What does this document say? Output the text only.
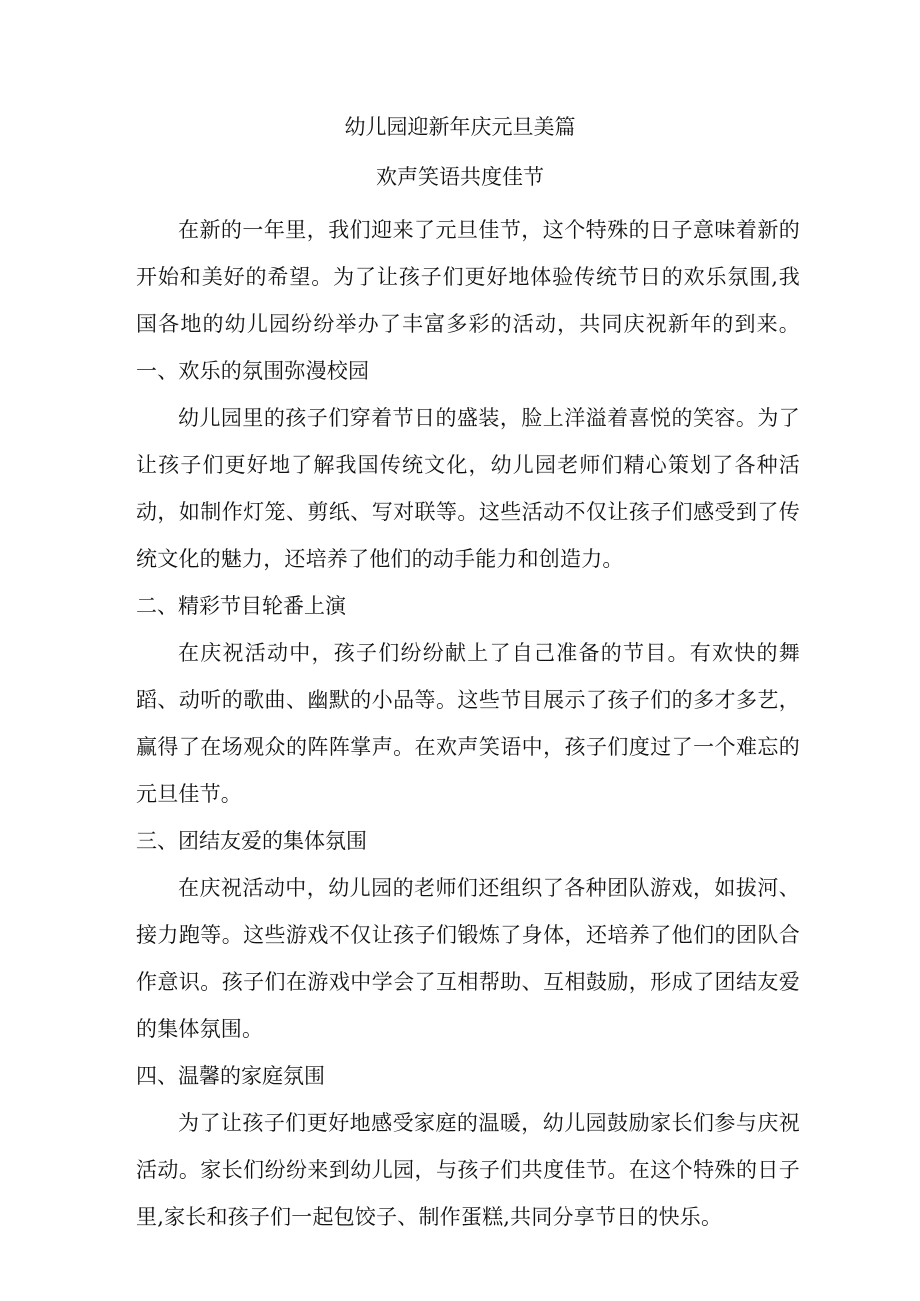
幼儿园迎新年庆元旦美篇
欢声笑语共度佳节

在新的一年里，我们迎来了元旦佳节，这个特殊的日子意味着新的开始和美好的希望。为了让孩子们更好地体验传统节日的欢乐氛围,我国各地的幼儿园纷纷举办了丰富多彩的活动，共同庆祝新年的到来。一、欢乐的氛围弥漫校园

幼儿园里的孩子们穿着节日的盛装，脸上洋溢着喜悦的笑容。为了让孩子们更好地了解我国传统文化，幼儿园老师们精心策划了各种活动，如制作灯笼、剪纸、写对联等。这些活动不仅让孩子们感受到了传统文化的魅力，还培养了他们的动手能力和创造力。

二、精彩节目轮番上演

在庆祝活动中，孩子们纷纷献上了自己准备的节目。有欢快的舞蹈、动听的歌曲、幽默的小品等。这些节目展示了孩子们的多才多艺，赢得了在场观众的阵阵掌声。在欢声笑语中，孩子们度过了一个难忘的元旦佳节。

三、团结友爱的集体氛围

在庆祝活动中，幼儿园的老师们还组织了各种团队游戏，如拔河、接力跑等。这些游戏不仅让孩子们锻炼了身体，还培养了他们的团队合作意识。孩子们在游戏中学会了互相帮助、互相鼓励，形成了团结友爱的集体氛围。

四、温馨的家庭氛围

为了让孩子们更好地感受家庭的温暖，幼儿园鼓励家长们参与庆祝活动。家长们纷纷来到幼儿园，与孩子们共度佳节。在这个特殊的日子里,家长和孩子们一起包饺子、制作蛋糕,共同分享节日的快乐。
